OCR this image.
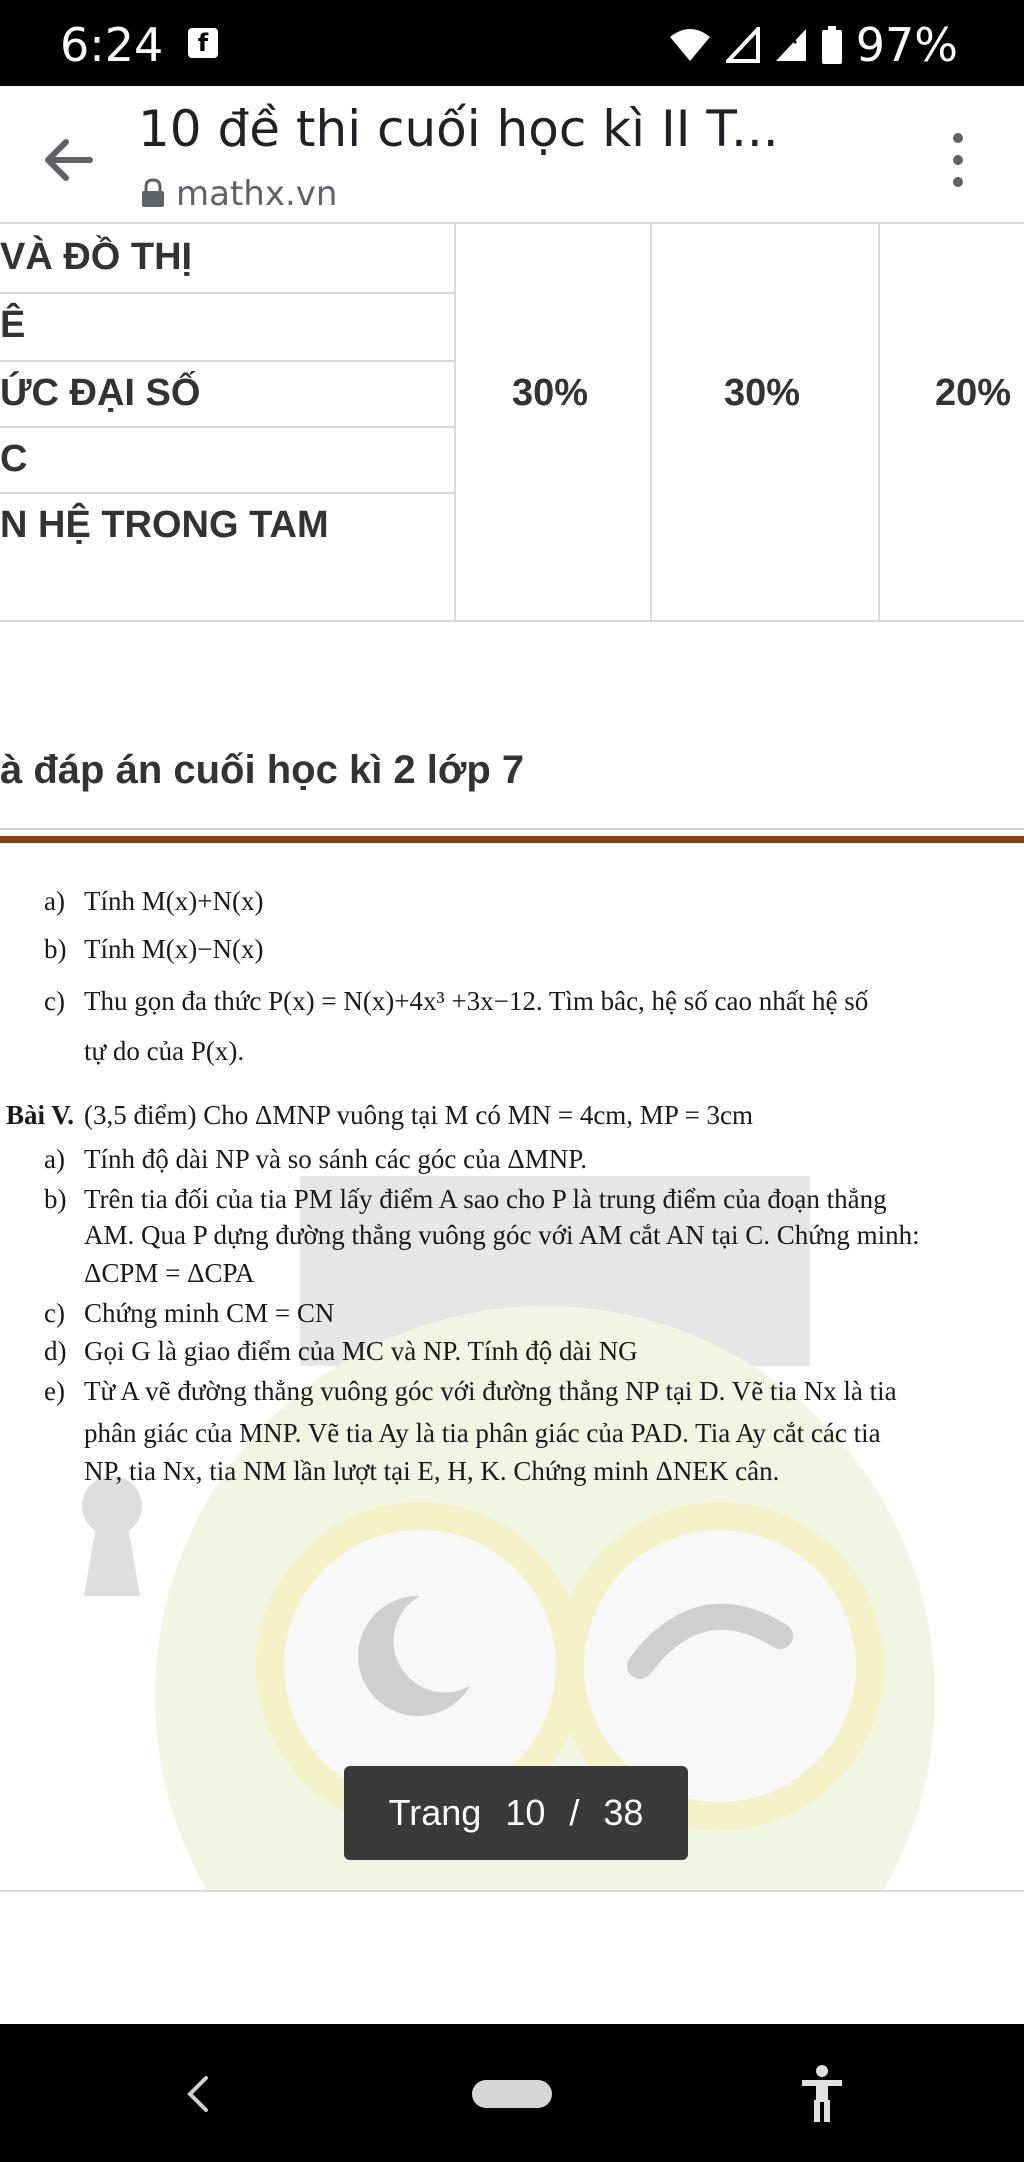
6:24	f	97%
10 đề thi cuối học kì II T...
mathx.vn
VÀ ĐỒ THỊ
Ê
ỨC ĐẠI SỐ
C
N HỆ TRONG TAM
30%	30%	20%
à đáp án cuối học kì 2 lớp 7
a) Tính M(x)+N(x)
b) Tính M(x)−N(x)
c) Thu gọn đa thức P(x) = N(x)+4x³ +3x−12. Tìm bâc, hệ số cao nhất hệ số
tự do của P(x).
Bài V. (3,5 điểm) Cho ΔMNP vuông tại M có MN = 4cm, MP = 3cm
a) Tính độ dài NP và so sánh các góc của ΔMNP.
b) Trên tia đối của tia PM lấy điểm A sao cho P là trung điểm của đoạn thẳng
AM. Qua P dựng đường thẳng vuông góc với AM cắt AN tại C. Chứng minh:
ΔCPM = ΔCPA
c) Chứng minh CM = CN
d) Gọi G là giao điểm của MC và NP. Tính độ dài NG
e) Từ A vẽ đường thẳng vuông góc với đường thẳng NP tại D. Vẽ tia Nx là tia
phân giác của MNP. Vẽ tia Ay là tia phân giác của PAD. Tia Ay cắt các tia
NP, tia Nx, tia NM lần lượt tại E, H, K. Chứng minh ΔNEK cân.
Trang 10 / 38
